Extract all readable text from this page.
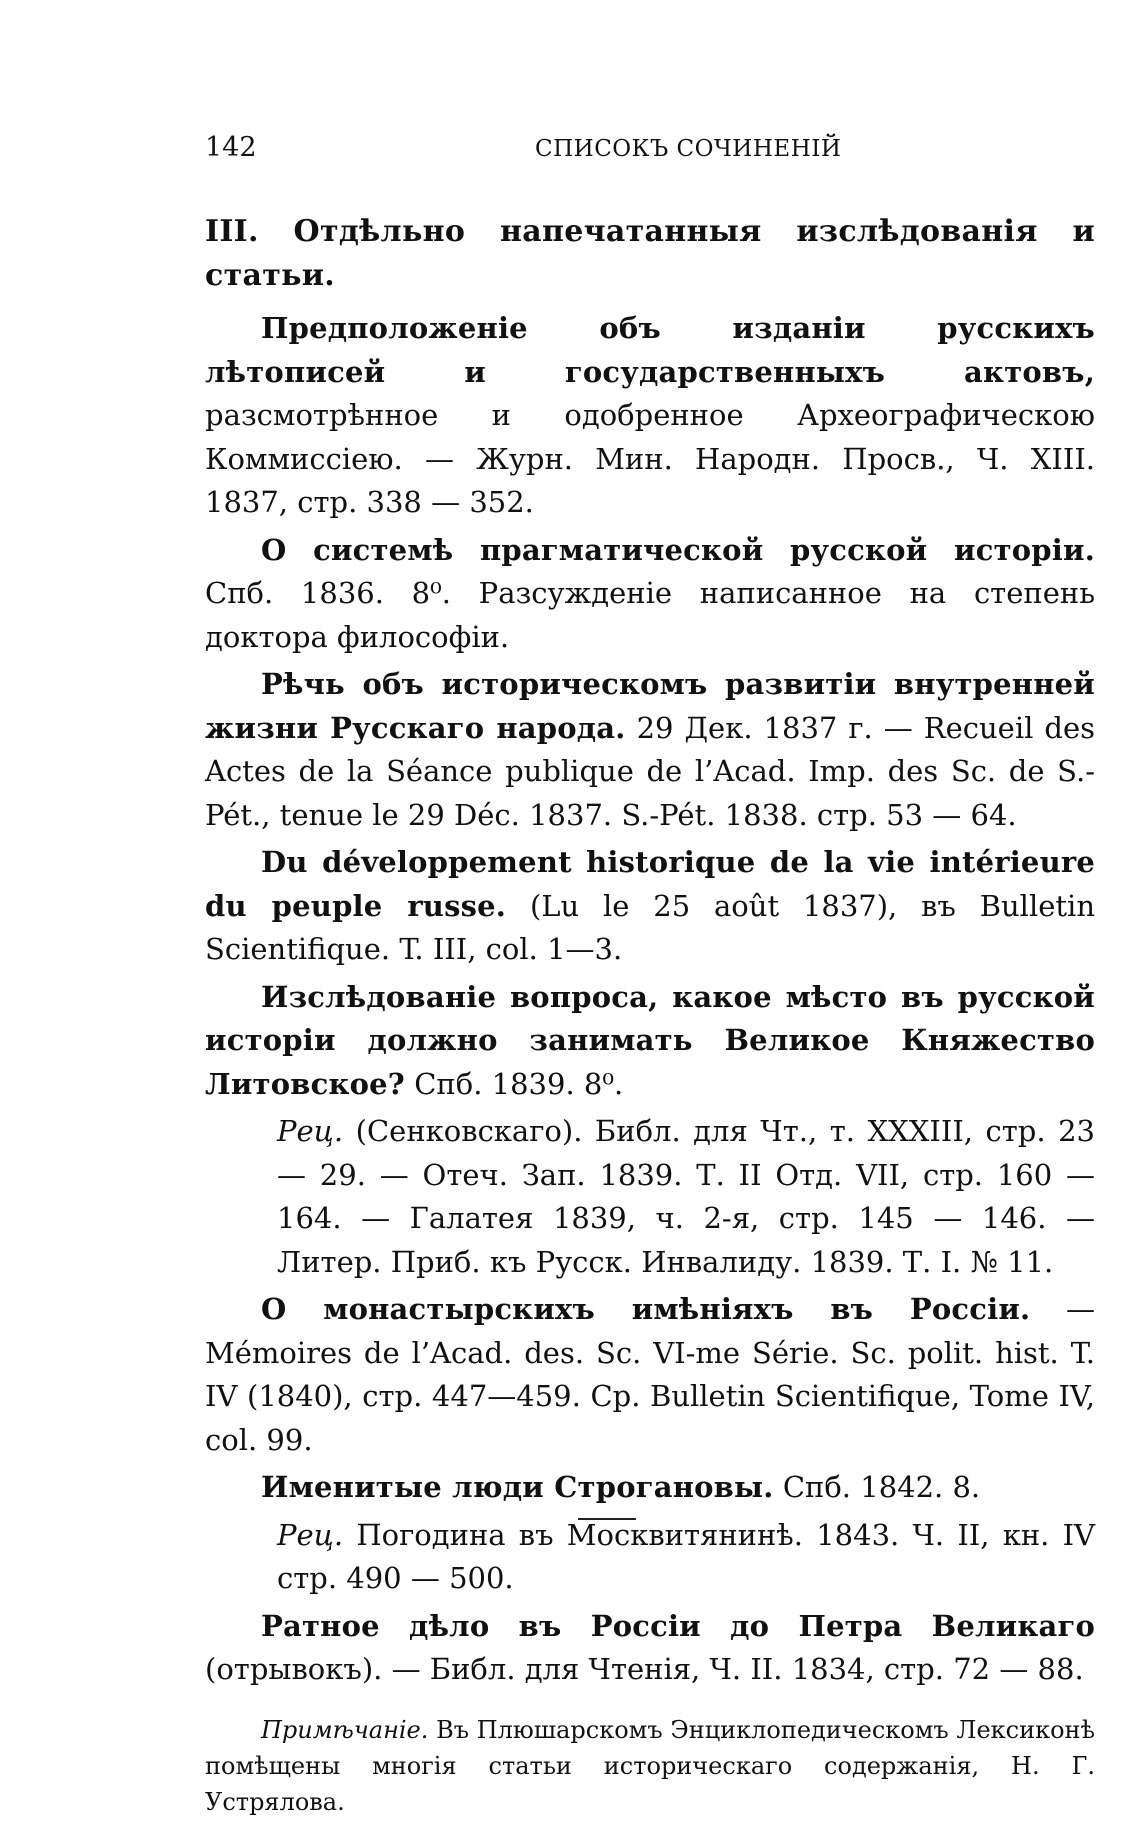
142	СПИСОКЪ СОЧИНЕНІЙ

III. Отдѣльно напечатанныя изслѣдованія и статьи.

Предположеніе объ изданіи русскихъ лѣтописей и государственныхъ актовъ, разсмотрѣнное и одобренное Археографическою Коммиссіею. — Журн. Мин. Народн. Просв., Ч. XIII. 1837, стр. 338 — 352.

О системѣ прагматической русской исторіи. Спб. 1836. 8⁰. Разсужденіе написанное на степень доктора философіи.

Рѣчь объ историческомъ развитіи внутренней жизни Русскаго народа. 29 Дек. 1837 г. — Recueil des Actes de la Séance publique de l’Acad. Imp. des Sc. de S.-Pét., tenue le 29 Déc. 1837. S.-Pét. 1838. стр. 53 — 64.

Du développement historique de la vie intérieure du peuple russe. (Lu le 25 août 1837), въ Bulletin Scientifique. T. III, col. 1—3.

Изслѣдованіе вопроса, какое мѣсто въ русской исторіи должно занимать Великое Княжество Литовское? Спб. 1839. 8⁰.

Рец. (Сенковскаго). Библ. для Чт., т. XXXIII, стр. 23 — 29. — Отеч. Зап. 1839. Т. II Отд. VII, стр. 160 — 164. — Галатея 1839, ч. 2-я, стр. 145 — 146. — Литер. Приб. къ Русск. Инвалиду. 1839. Т. I. № 11.

О монастырскихъ имѣніяхъ въ Россіи. — Mémoires de l’Acad. des. Sc. VI-me Série. Sc. polit. hist. T. IV (1840), стр. 447—459. Ср. Bulletin Scientifique, Tome IV, col. 99.

Именитые люди Строгановы. Спб. 1842. 8.

Рец. Погодина въ Москвитянинѣ. 1843. Ч. II, кн. IV стр. 490 — 500.

Ратное дѣло въ Россіи до Петра Великаго (отрывокъ). — Библ. для Чтенія, Ч. II. 1834, стр. 72 — 88.

Примѣчаніе. Въ Плюшарскомъ Энциклопедическомъ Лексиконѣ помѣщены многія статьи историческаго содержанія, Н. Г. Устрялова.
